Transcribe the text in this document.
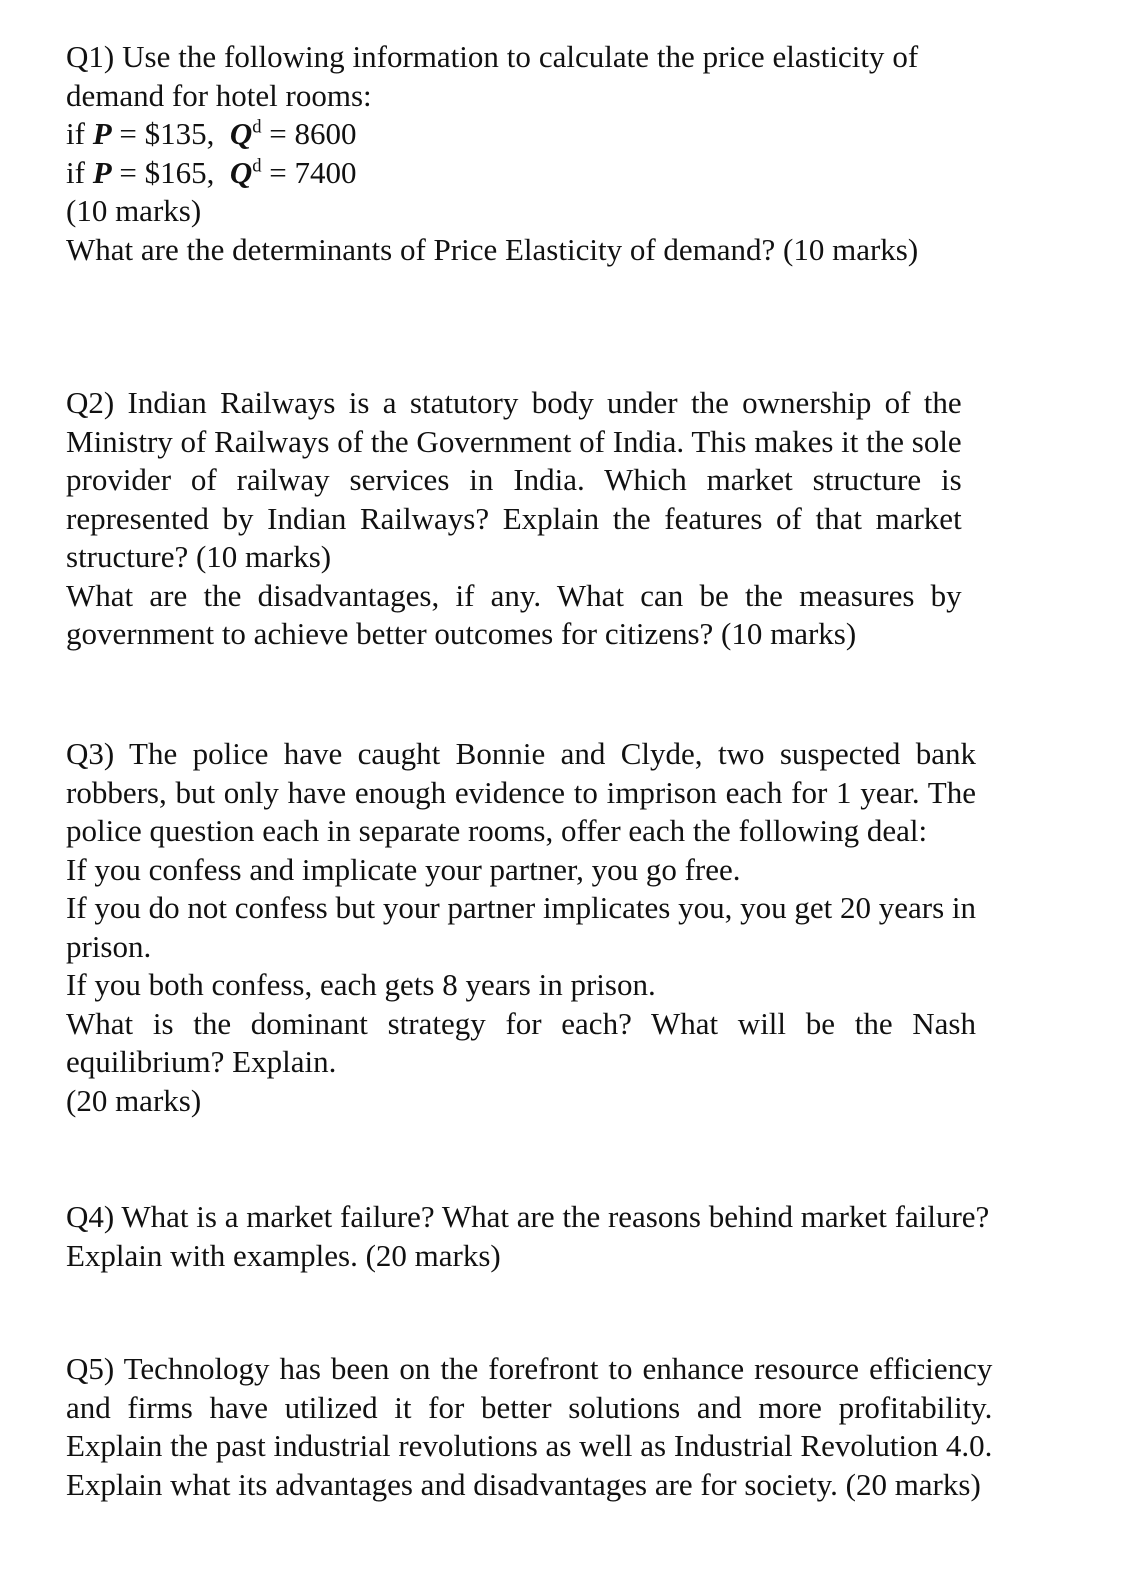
Q1) Use the following information to calculate the price elasticity of

demand for hotel rooms:

if P = $135, $Q^d = 8600$

if P = $165, $Q^d = 7400$

(10 marks)

What are the determinants of Price Elasticity of demand? (10 marks)

Q2) Indian Railways is a statutory body under the ownership of the

Ministry of Railways of the Government of India. This makes it the sole

provider of railway services in India. Which market structure is

represented by Indian Railways? Explain the features of that market

structure? (10 marks)

What are the disadvantages, if any. What can be the measures by

government to achieve better outcomes for citizens? (10 marks)

Q3) The police have caught Bonnie and Clyde, two suspected bank

robbers, but only have enough evidence to imprison each for 1 year. The

police question each in separate rooms, offer each the following deal:

If you confess and implicate your partner, you go free.

If you do not confess but your partner implicates you, you get 20 years in

prison.

If you both confess, each gets 8 years in prison.

What is the dominant strategy for each? What will be the Nash

equilibrium? Explain.

(20 marks)

Q4) What is a market failure? What are the reasons behind market failure?

Explain with examples. (20 marks)

Q5) Technology has been on the forefront to enhance resource efficiency

and firms have utilized it for better solutions and more profitability.

Explain the past industrial revolutions as well as Industrial Revolution 4.0.

Explain what its advantages and disadvantages are for society. (20 marks)
